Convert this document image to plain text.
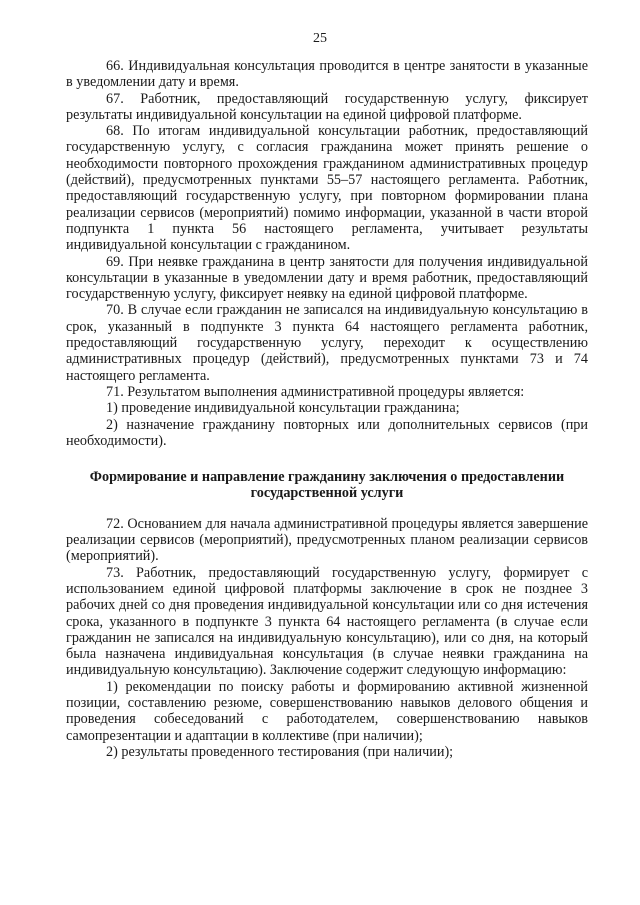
25

66. Индивидуальная консультация проводится в центре занятости в указанные в уведомлении дату и время.

67. Работник, предоставляющий государственную услугу, фиксирует результаты индивидуальной консультации на единой цифровой платформе.

68. По итогам индивидуальной консультации работник, предоставляющий государственную услугу, с согласия гражданина может принять решение о необходимости повторного прохождения гражданином административных процедур (действий), предусмотренных пунктами 55–57 настоящего регламента. Работник, предоставляющий государственную услугу, при повторном формировании плана реализации сервисов (мероприятий) помимо информации, указанной в части второй подпункта 1 пункта 56 настоящего регламента, учитывает результаты индивидуальной консультации с гражданином.

69. При неявке гражданина в центр занятости для получения индивидуальной консультации в указанные в уведомлении дату и время работник, предоставляющий государственную услугу, фиксирует неявку на единой цифровой платформе.

70. В случае если гражданин не записался на индивидуальную консультацию в срок, указанный в подпункте 3 пункта 64 настоящего регламента работник, предоставляющий государственную услугу, переходит к осуществлению административных процедур (действий), предусмотренных пунктами 73 и 74 настоящего регламента.

71. Результатом выполнения административной процедуры является:

1) проведение индивидуальной консультации гражданина;

2) назначение гражданину повторных или дополнительных сервисов (при необходимости).

Формирование и направление гражданину заключения о предоставлении государственной услуги

72. Основанием для начала административной процедуры является завершение реализации сервисов (мероприятий), предусмотренных планом реализации сервисов (мероприятий).

73. Работник, предоставляющий государственную услугу, формирует с использованием единой цифровой платформы заключение в срок не позднее 3 рабочих дней со дня проведения индивидуальной консультации или со дня истечения срока, указанного в подпункте 3 пункта 64 настоящего регламента (в случае если гражданин не записался на индивидуальную консультацию), или со дня, на который была назначена индивидуальная консультация (в случае неявки гражданина на индивидуальную консультацию). Заключение содержит следующую информацию:

1) рекомендации по поиску работы и формированию активной жизненной позиции, составлению резюме, совершенствованию навыков делового общения и проведения собеседований с работодателем, совершенствованию навыков самопрезентации и адаптации в коллективе (при наличии);

2) результаты проведенного тестирования (при наличии);
